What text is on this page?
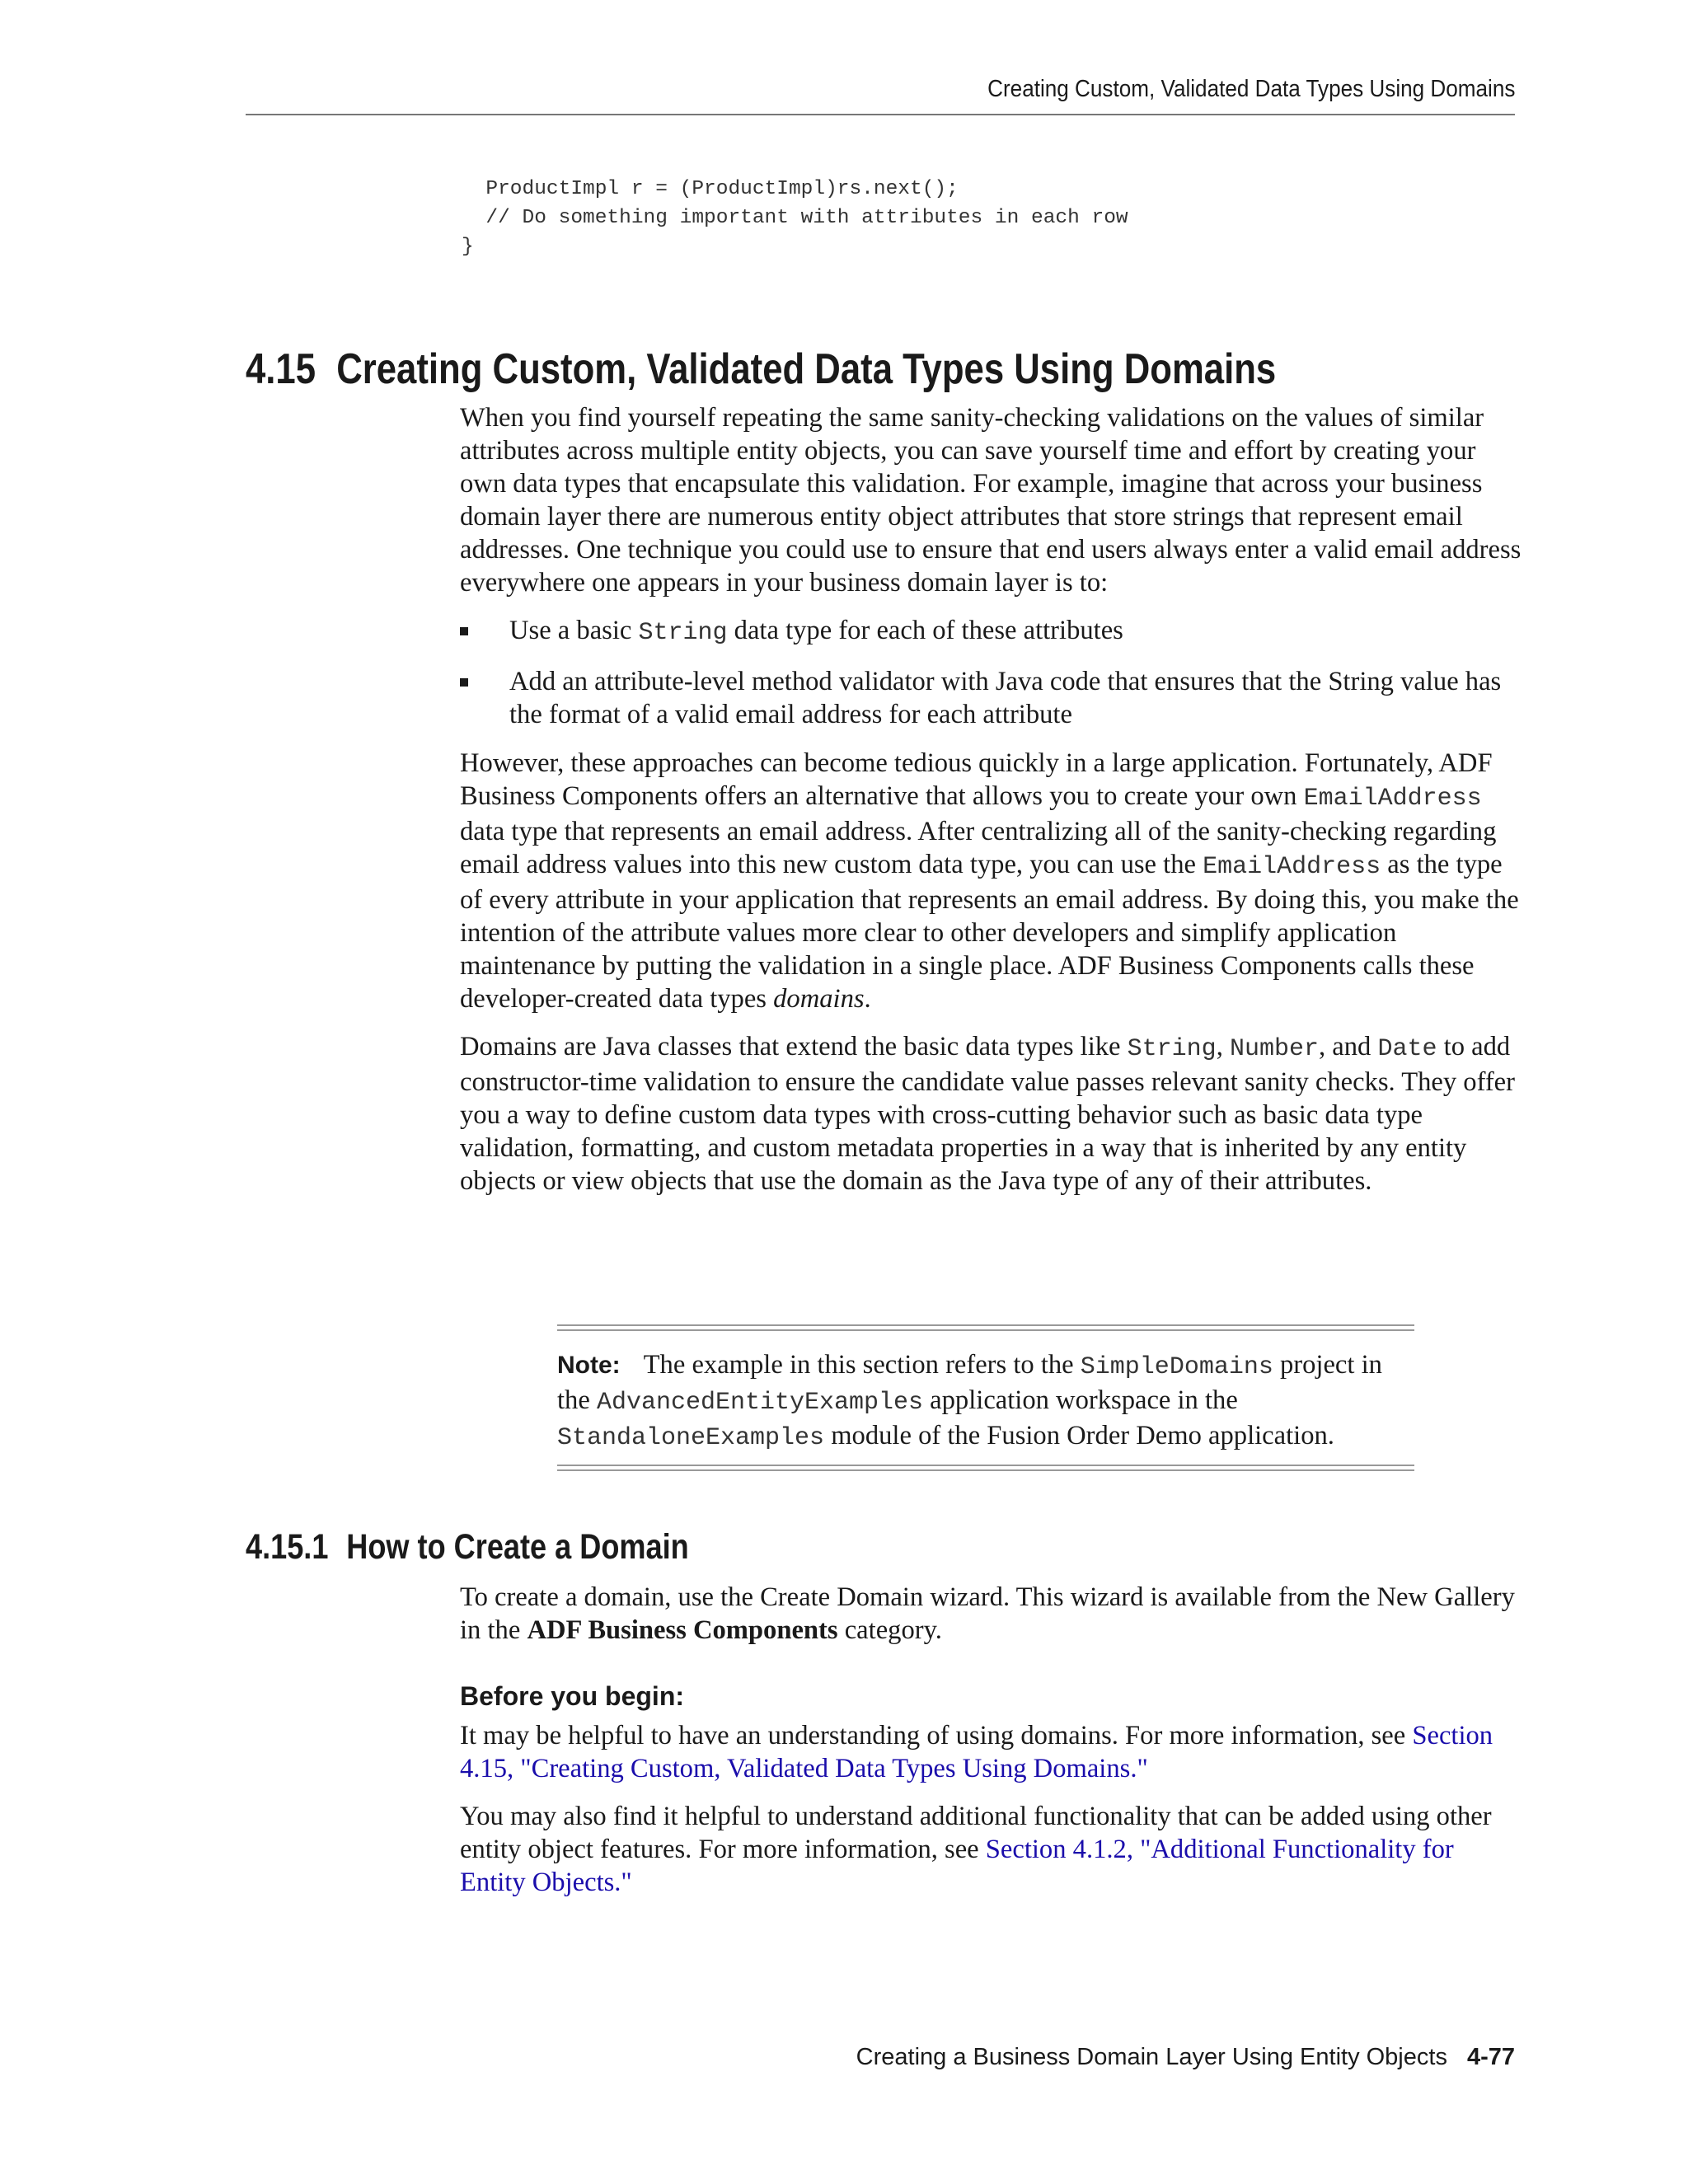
Creating Custom, Validated Data Types Using Domains
ProductImpl r = (ProductImpl)rs.next();
// Do something important with attributes in each row
}
4.15 Creating Custom, Validated Data Types Using Domains

When you find yourself repeating the same sanity-checking validations on the values of similar attributes across multiple entity objects, you can save yourself time and effort by creating your own data types that encapsulate this validation. For example, imagine that across your business domain layer there are numerous entity object attributes that store strings that represent email addresses. One technique you could use to ensure that end users always enter a valid email address everywhere one appears in your business domain layer is to:

Use a basic String data type for each of these attributes
Add an attribute-level method validator with Java code that ensures that the String value has the format of a valid email address for each attribute

However, these approaches can become tedious quickly in a large application. Fortunately, ADF Business Components offers an alternative that allows you to create your own EmailAddress data type that represents an email address. After centralizing all of the sanity-checking regarding email address values into this new custom data type, you can use the EmailAddress as the type of every attribute in your application that represents an email address. By doing this, you make the intention of the attribute values more clear to other developers and simplify application maintenance by putting the validation in a single place. ADF Business Components calls these developer-created data types domains.

Domains are Java classes that extend the basic data types like String, Number, and Date to add constructor-time validation to ensure the candidate value passes relevant sanity checks. They offer you a way to define custom data types with cross-cutting behavior such as basic data type validation, formatting, and custom metadata properties in a way that is inherited by any entity objects or view objects that use the domain as the Java type of any of their attributes.

Note: The example in this section refers to the SimpleDomains project in the AdvancedEntityExamples application workspace in the StandaloneExamples module of the Fusion Order Demo application.
4.15.1 How to Create a Domain

To create a domain, use the Create Domain wizard. This wizard is available from the New Gallery in the ADF Business Components category.

Before you begin:

It may be helpful to have an understanding of using domains. For more information, see Section 4.15, "Creating Custom, Validated Data Types Using Domains."

You may also find it helpful to understand additional functionality that can be added using other entity object features. For more information, see Section 4.1.2, "Additional Functionality for Entity Objects."

Creating a Business Domain Layer Using Entity Objects 4-77
